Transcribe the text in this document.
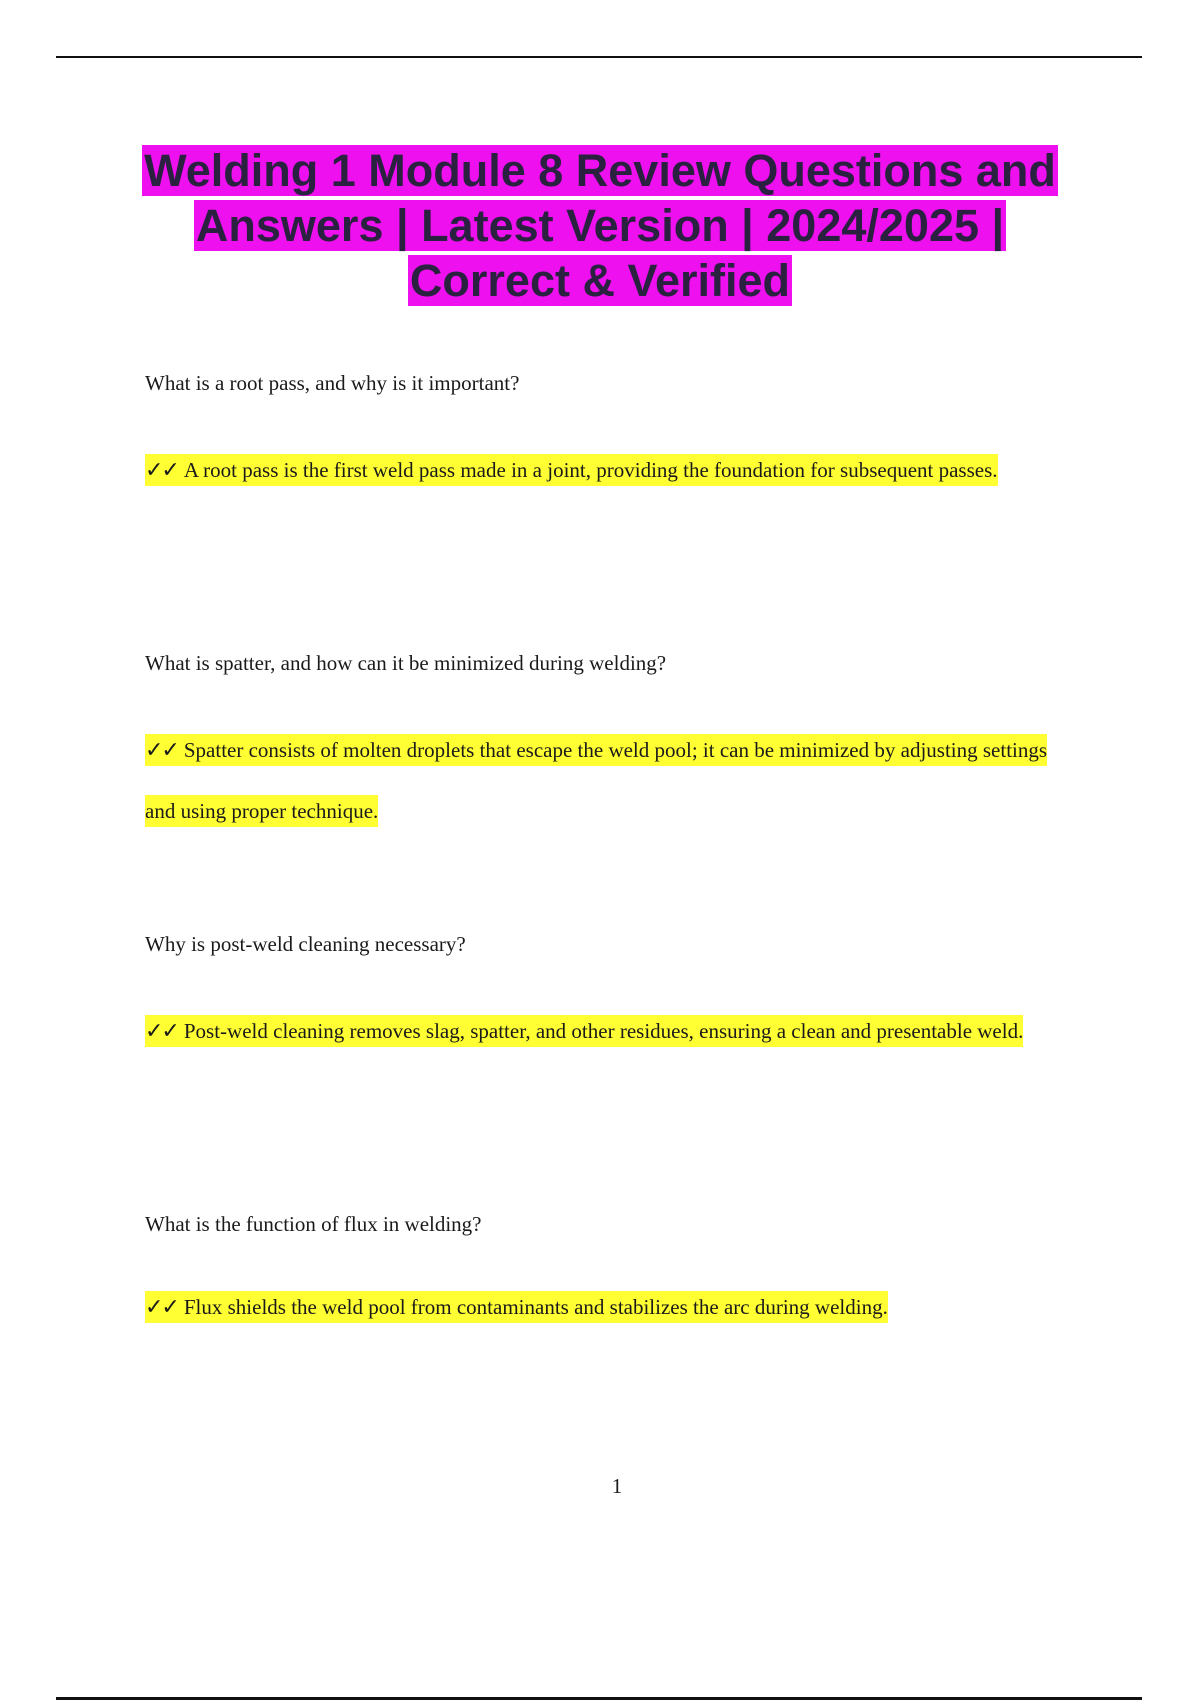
Welding 1 Module 8 Review Questions and Answers | Latest Version | 2024/2025 | Correct & Verified

What is a root pass, and why is it important?

✓✓ A root pass is the first weld pass made in a joint, providing the foundation for subsequent passes.

What is spatter, and how can it be minimized during welding?

✓✓ Spatter consists of molten droplets that escape the weld pool; it can be minimized by adjusting settings and using proper technique.

Why is post-weld cleaning necessary?

✓✓ Post-weld cleaning removes slag, spatter, and other residues, ensuring a clean and presentable weld.

What is the function of flux in welding?

✓✓ Flux shields the weld pool from contaminants and stabilizes the arc during welding.

1
